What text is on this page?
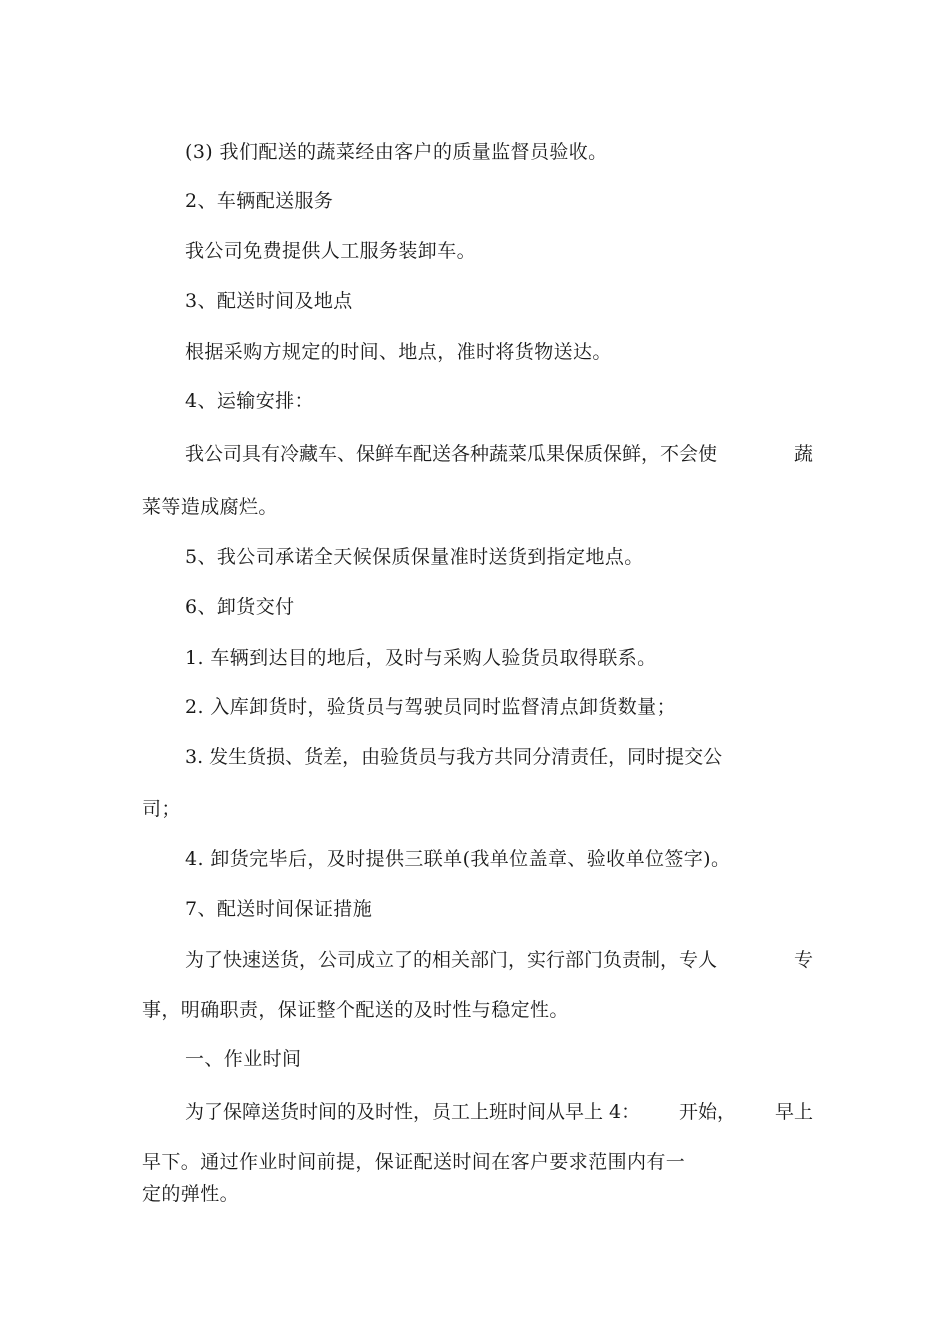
(3) 我们配送的蔬菜经由客户的质量监督员验收。
2、车辆配送服务
我公司免费提供人工服务装卸车。
3、配送时间及地点
根据采购方规定的时间、地点，准时将货物送达。
4、运输安排：
我公司具有冷藏车、保鲜车配送各种蔬菜瓜果保质保鲜，不会使	蔬
菜等造成腐烂。
5、我公司承诺全天候保质保量准时送货到指定地点。
6、卸货交付
1. 车辆到达目的地后，及时与采购人验货员取得联系。
2. 入库卸货时，验货员与驾驶员同时监督清点卸货数量；
3. 发生货损、货差，由验货员与我方共同分清责任，同时提交公
司；
4. 卸货完毕后，及时提供三联单(我单位盖章、验收单位签字)。
7、配送时间保证措施
为了快速送货，公司成立了的相关部门，实行部门负责制，专人	专
事，明确职责，保证整个配送的及时性与稳定性。
一、作业时间
为了保障送货时间的及时性，员工上班时间从早上 4： 开始， 早上
早下。通过作业时间前提，保证配送时间在客户要求范围内有一
定的弹性。
